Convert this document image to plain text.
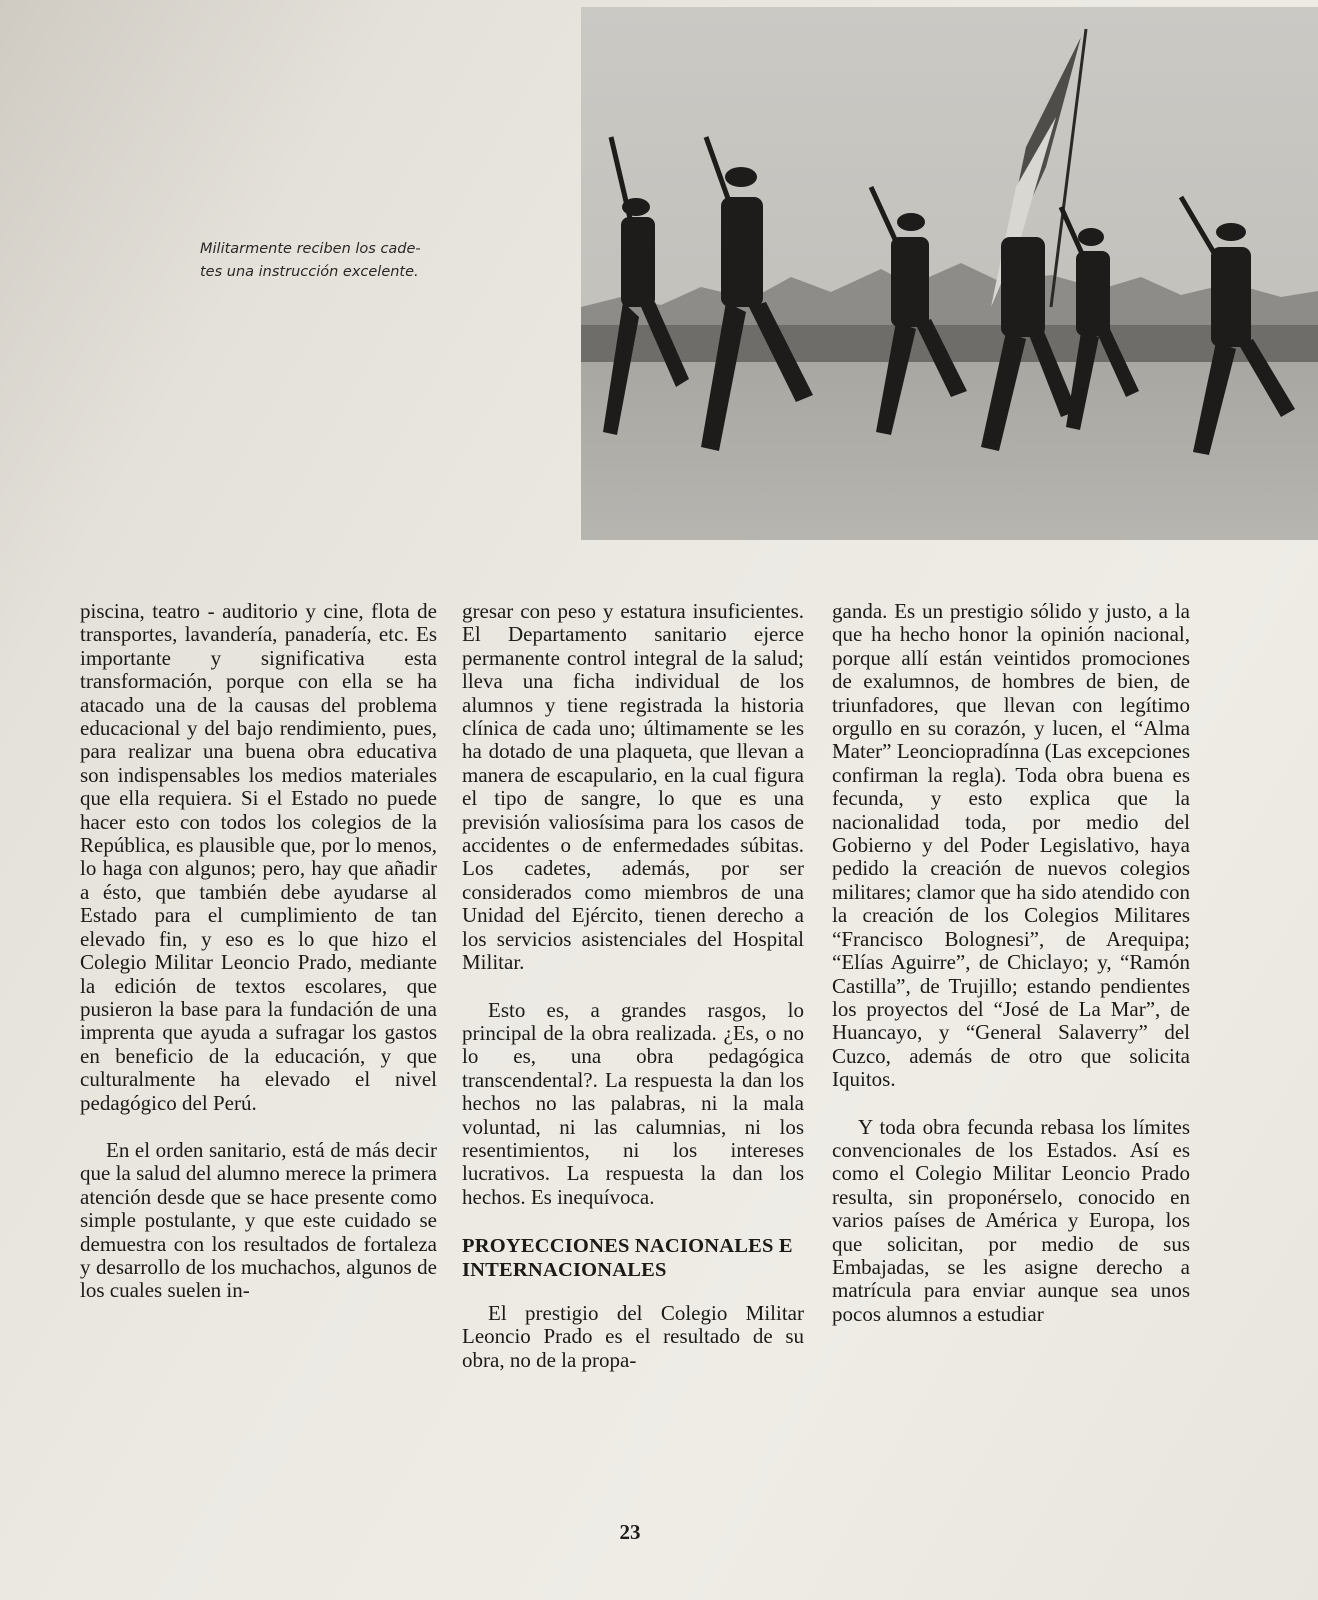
Militarmente reciben los cade-
tes una instrucción excelente.

piscina, teatro - auditorio y cine, flota de transportes, lavandería, panadería, etc. Es importante y significativa esta transformación, porque con ella se ha atacado una de la causas del problema educacional y del bajo rendimiento, pues, para realizar una buena obra educativa son indispensables los medios materiales que ella requiera. Si el Estado no puede hacer esto con todos los colegios de la República, es plausible que, por lo menos, lo haga con algunos; pero, hay que añadir a ésto, que también debe ayudarse al Estado para el cumplimiento de tan elevado fin, y eso es lo que hizo el Colegio Militar Leoncio Prado, mediante la edición de textos escolares, que pusieron la base para la fundación de una imprenta que ayuda a sufragar los gastos en beneficio de la educación, y que culturalmente ha elevado el nivel pedagógico del Perú.

En el orden sanitario, está de más decir que la salud del alumno merece la primera atención desde que se hace presente como simple postulante, y que este cuidado se demuestra con los resultados de fortaleza y desarrollo de los muchachos, algunos de los cuales suelen in-

gresar con peso y estatura insuficientes. El Departamento sanitario ejerce permanente control integral de la salud; lleva una ficha individual de los alumnos y tiene registrada la historia clínica de cada uno; últimamente se les ha dotado de una plaqueta, que llevan a manera de escapulario, en la cual figura el tipo de sangre, lo que es una previsión valiosísima para los casos de accidentes o de enfermedades súbitas. Los cadetes, además, por ser considerados como miembros de una Unidad del Ejército, tienen derecho a los servicios asistenciales del Hospital Militar.

Esto es, a grandes rasgos, lo principal de la obra realizada. ¿Es, o no lo es, una obra pedagógica transcendental?. La respuesta la dan los hechos no las palabras, ni la mala voluntad, ni las calumnias, ni los resentimientos, ni los intereses lucrativos. La respuesta la dan los hechos. Es inequívoca.

PROYECCIONES NACIONALES E INTERNACIONALES

El prestigio del Colegio Militar Leoncio Prado es el resultado de su obra, no de la propa-

ganda. Es un prestigio sólido y justo, a la que ha hecho honor la opinión nacional, porque allí están veintidos promociones de exalumnos, de hombres de bien, de triunfadores, que llevan con legítimo orgullo en su corazón, y lucen, el “Alma Mater” Leonciopradínna (Las excepciones confirman la regla). Toda obra buena es fecunda, y esto explica que la nacionalidad toda, por medio del Gobierno y del Poder Legislativo, haya pedido la creación de nuevos colegios militares; clamor que ha sido atendido con la creación de los Colegios Militares “Francisco Bolognesi”, de Arequipa; “Elías Aguirre”, de Chiclayo; y, “Ramón Castilla”, de Trujillo; estando pendientes los proyectos del “José de La Mar”, de Huancayo, y “General Salaverry” del Cuzco, además de otro que solicita Iquitos.

Y toda obra fecunda rebasa los límites convencionales de los Estados. Así es como el Colegio Militar Leoncio Prado resulta, sin proponérselo, conocido en varios países de América y Europa, los que solicitan, por medio de sus Embajadas, se les asigne derecho a matrícula para enviar aunque sea unos pocos alumnos a estudiar

23
